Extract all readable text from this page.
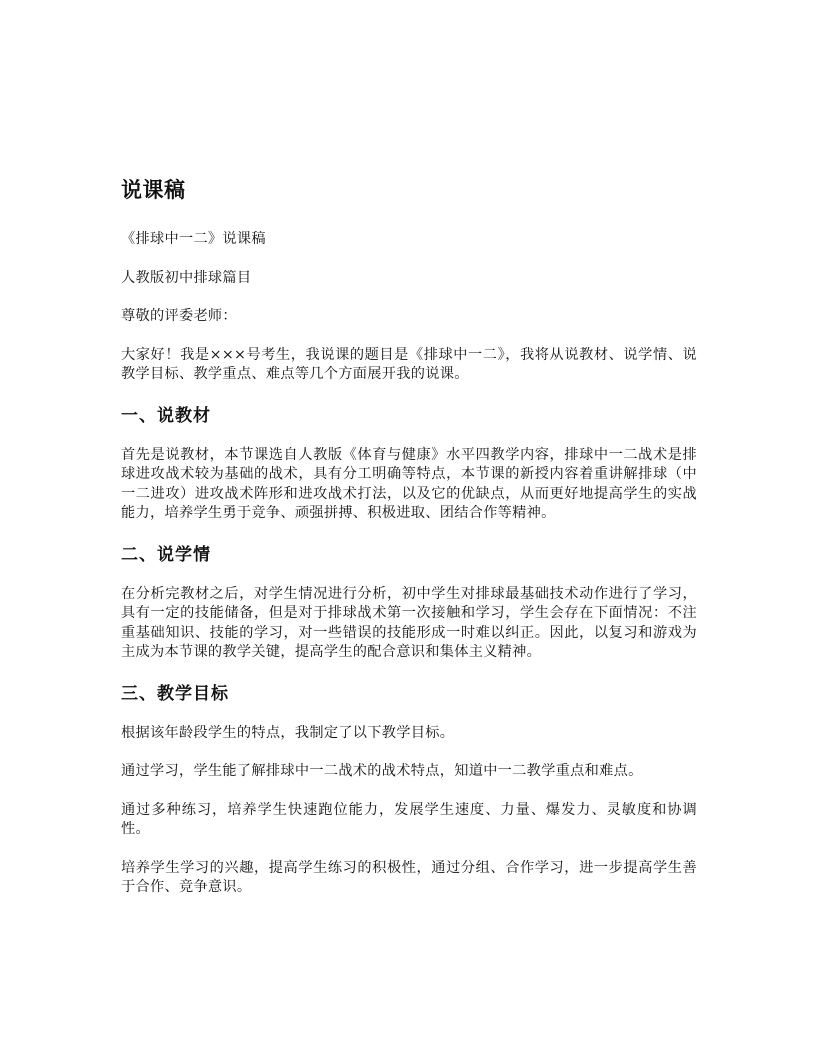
说课稿

《排球中一二》说课稿

人教版初中排球篇目

尊敬的评委老师：

大家好！我是×××号考生，我说课的题目是《排球中一二》，我将从说教材、说学情、说教学目标、教学重点、难点等几个方面展开我的说课。

一、说教材

首先是说教材，本节课选自人教版《体育与健康》水平四教学内容，排球中一二战术是排球进攻战术较为基础的战术，具有分工明确等特点，本节课的新授内容着重讲解排球（中一二进攻）进攻战术阵形和进攻战术打法，以及它的优缺点，从而更好地提高学生的实战能力，培养学生勇于竞争、顽强拼搏、积极进取、团结合作等精神。

二、说学情

在分析完教材之后，对学生情况进行分析，初中学生对排球最基础技术动作进行了学习，具有一定的技能储备，但是对于排球战术第一次接触和学习，学生会存在下面情况：不注重基础知识、技能的学习，对一些错误的技能形成一时难以纠正。因此，以复习和游戏为主成为本节课的教学关键，提高学生的配合意识和集体主义精神。

三、教学目标

根据该年龄段学生的特点，我制定了以下教学目标。

通过学习，学生能了解排球中一二战术的战术特点，知道中一二教学重点和难点。

通过多种练习，培养学生快速跑位能力，发展学生速度、力量、爆发力、灵敏度和协调性。

培养学生学习的兴趣，提高学生练习的积极性，通过分组、合作学习，进一步提高学生善于合作、竞争意识。
